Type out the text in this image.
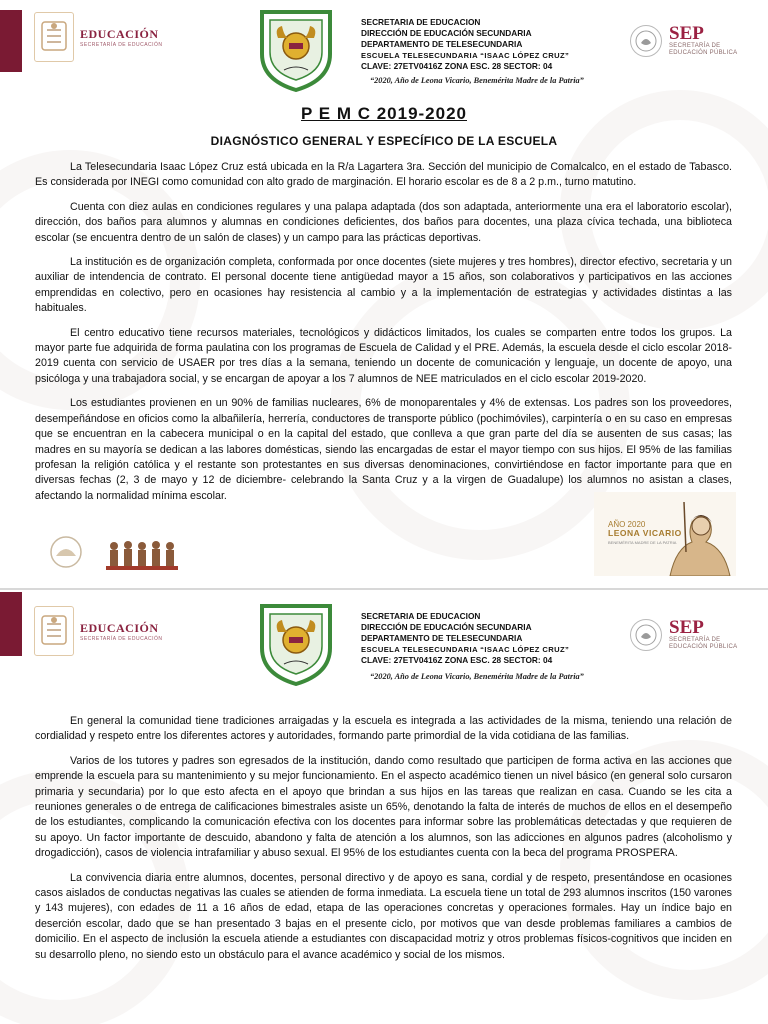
EDUCACIÓN
SECRETARÍA DE EDUCACIÓN
SECRETARIA DE EDUCACION
DIRECCIÓN DE EDUCACIÓN SECUNDARIA
DEPARTAMENTO DE TELESECUNDARIA
ESCUELA TELESECUNDARIA “ISAAC LÓPEZ CRUZ”
CLAVE: 27ETV0416Z ZONA ESC. 28 SECTOR: 04
“2020, Año de Leona Vicario, Benemérita Madre de la Patria”
SEP
SECRETARÍA DE
EDUCACIÓN PÚBLICA
P E M C 2019-2020
DIAGNÓSTICO GENERAL Y ESPECÍFICO DE LA ESCUELA

La Telesecundaria Isaac López Cruz está ubicada en la R/a Lagartera 3ra. Sección del municipio de Comalcalco, en el estado de Tabasco. Es considerada por INEGI como comunidad con alto grado de marginación. El horario escolar es de 8 a 2 p.m., turno matutino.

Cuenta con diez aulas en condiciones regulares y una palapa adaptada (dos son adaptada, anteriormente una era el laboratorio escolar), dirección, dos baños para alumnos y alumnas en condiciones deficientes, dos baños para docentes, una plaza cívica techada, una biblioteca escolar (se encuentra dentro de un salón de clases) y un campo para las prácticas deportivas.

La institución es de organización completa, conformada por once docentes (siete mujeres y tres hombres), director efectivo, secretaria y un auxiliar de intendencia de contrato. El personal docente tiene antigüedad mayor a 15 años, son colaborativos y participativos en las acciones emprendidas en colectivo, pero en ocasiones hay resistencia al cambio y a la implementación de estrategias y actividades distintas a las habituales.

El centro educativo tiene recursos materiales, tecnológicos y didácticos limitados, los cuales se comparten entre todos los grupos. La mayor parte fue adquirida de forma paulatina con los programas de Escuela de Calidad y el PRE. Además, la escuela desde el ciclo escolar 2018-2019 cuenta con servicio de USAER por tres días a la semana, teniendo un docente de comunicación y lenguaje, un docente de apoyo, una psicóloga y una trabajadora social, y se encargan de apoyar a los 7 alumnos de NEE matriculados en el ciclo escolar 2019-2020.

Los estudiantes provienen en un 90% de familias nucleares, 6% de monoparentales y 4% de extensas. Los padres son los proveedores, desempeñándose en oficios como la albañilería, herrería, conductores de transporte público (pochimóviles), carpintería o en su caso en empresas que se encuentran en la cabecera municipal o en la capital del estado, que conlleva a que gran parte del día se ausenten de sus casas; las madres en su mayoría se dedican a las labores domésticas, siendo las encargadas de estar el mayor tiempo con sus hijos. El 95% de las familias profesan la religión católica y el restante son protestantes en sus diversas denominaciones, convirtiéndose en factor importante para que en diversas fechas (2, 3 de mayo y 12 de diciembre- celebrando la Santa Cruz y a la virgen de Guadalupe) los alumnos no asistan a clases, afectando la normalidad mínima escolar.

AÑO 2020
LEONA VICARIO
BENEMÉRITA MADRE DE LA PATRIA
EDUCACIÓN
SECRETARÍA DE EDUCACIÓN
SECRETARIA DE EDUCACION
DIRECCIÓN DE EDUCACIÓN SECUNDARIA
DEPARTAMENTO DE TELESECUNDARIA
ESCUELA TELESECUNDARIA “ISAAC LÓPEZ CRUZ”
CLAVE: 27ETV0416Z ZONA ESC. 28 SECTOR: 04
“2020, Año de Leona Vicario, Benemérita Madre de la Patria”
SEP
SECRETARÍA DE
EDUCACIÓN PÚBLICA

En general la comunidad tiene tradiciones arraigadas y la escuela es integrada a las actividades de la misma, teniendo una relación de cordialidad y respeto entre los diferentes actores y autoridades, formando parte primordial de la vida cotidiana de las familias.

Varios de los tutores y padres son egresados de la institución, dando como resultado que participen de forma activa en las acciones que emprende la escuela para su mantenimiento y su mejor funcionamiento. En el aspecto académico tienen un nivel básico (en general solo cursaron primaria y secundaria) por lo que esto afecta en el apoyo que brindan a sus hijos en las tareas que realizan en casa. Cuando se les cita a reuniones generales o de entrega de calificaciones bimestrales asiste un 65%, denotando la falta de interés de muchos de ellos en el desempeño de los estudiantes, complicando la comunicación efectiva con los docentes para informar sobre las problemáticas detectadas y que requieren de su apoyo. Un factor importante de descuido, abandono y falta de atención a los alumnos, son las adicciones en algunos padres (alcoholismo y drogadicción), casos de violencia intrafamiliar y abuso sexual. El 95% de los estudiantes cuenta con la beca del programa PROSPERA.

La convivencia diaria entre alumnos, docentes, personal directivo y de apoyo es sana, cordial y de respeto, presentándose en ocasiones casos aislados de conductas negativas las cuales se atienden de forma inmediata. La escuela tiene un total de 293 alumnos inscritos (150 varones y 143 mujeres), con edades de 11 a 16 años de edad, etapa de las operaciones concretas y operaciones formales. Hay un índice bajo en deserción escolar, dado que se han presentado 3 bajas en el presente ciclo, por motivos que van desde problemas familiares a cambios de domicilio. En el aspecto de inclusión la escuela atiende a estudiantes con discapacidad motriz y otros problemas físicos-cognitivos que inciden en su desarrollo pleno, no siendo esto un obstáculo para el avance académico y social de los mismos.
